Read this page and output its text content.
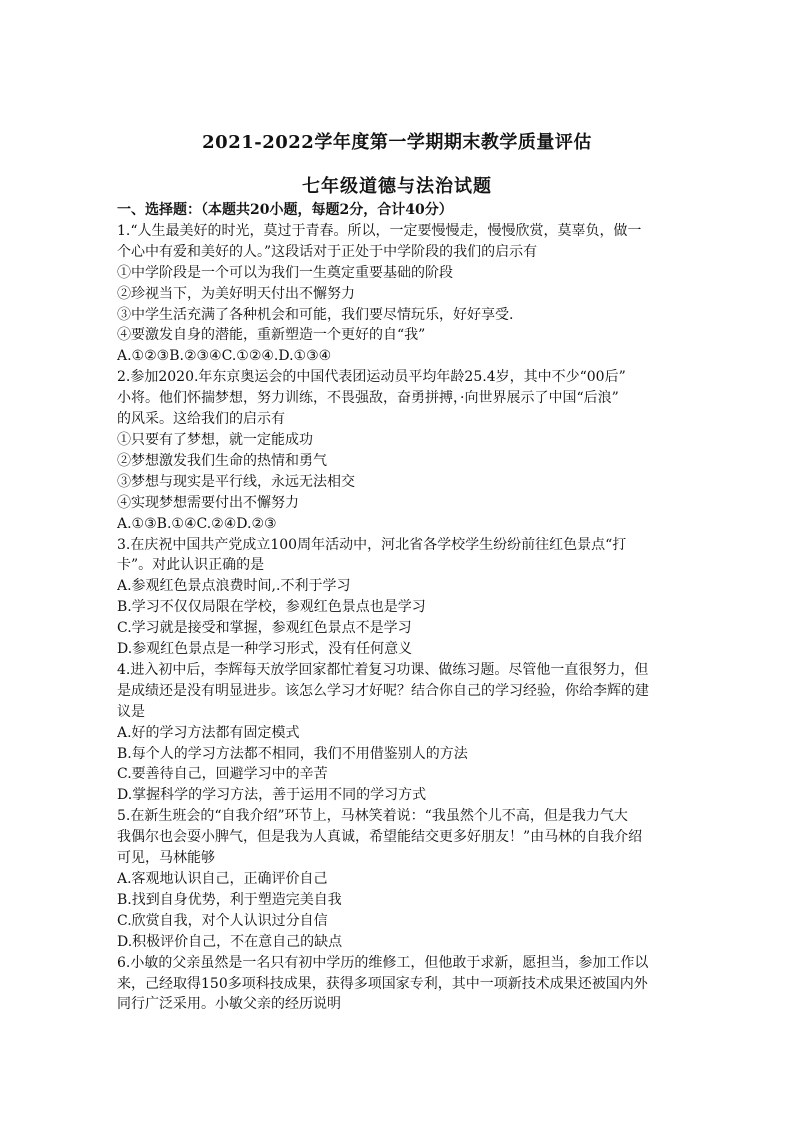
2021-2022学年度第一学期期末教学质量评估
七年级道德与法治试题
一、选择题：（本题共20小题，每题2分，合计40分）
1.“人生最美好的时光，莫过于青春。所以，一定要慢慢走，慢慢欣赏，莫辜负，做一
个心中有爱和美好的人。”这段话对于正处于中学阶段的我们的启示有
①中学阶段是一个可以为我们一生奠定重要基础的阶段
②珍视当下，为美好明天付出不懈努力
③中学生活充满了各种机会和可能，我们要尽情玩乐，好好享受.
④要激发自身的潜能，重新塑造一个更好的自“我”
A.①②③B.②③④C.①②④.D.①③④
2.参加2020.年东京奥运会的中国代表团运动员平均年龄25.4岁，其中不少“00后”
小将。他们怀揣梦想，努力训练，不畏强敌，奋勇拼搏，·向世界展示了中国“后浪”
的风采。这给我们的启示有
①只要有了梦想，就一定能成功
②梦想激发我们生命的热情和勇气
③梦想与现实是平行线，永远无法相交
④实现梦想需要付出不懈努力
A.①③B.①④C.②④D.②③
3.在庆祝中国共产党成立100周年活动中，河北省各学校学生纷纷前往红色景点“打
卡”。对此认识正确的是
A.参观红色景点浪费时间,.不利于学习
B.学习不仅仅局限在学校，参观红色景点也是学习
C.学习就是接受和掌握，参观红色景点不是学习
D.参观红色景点是一种学习形式，没有任何意义
4.进入初中后，李辉每天放学回家都忙着复习功课、做练习题。尽管他一直很努力，但
是成绩还是没有明显进步。该怎么学习才好呢？结合你自己的学习经验，你给李辉的建
议是
A.好的学习方法都有固定模式
B.每个人的学习方法都不相同，我们不用借鉴别人的方法
C.要善待自己，回避学习中的辛苦
D.掌握科学的学习方法，善于运用不同的学习方式
5.在新生班会的“自我介绍”环节上，马林笑着说：“我虽然个儿不高，但是我力气大
我偶尔也会耍小脾气，但是我为人真诚，希望能结交更多好朋友！”由马林的自我介绍
可见，马林能够
A.客观地认识自己，正确评价自己
B.找到自身优势，利于塑造完美自我
C.欣赏自我，对个人认识过分自信
D.积极评价自己，不在意自己的缺点
6.小敏的父亲虽然是一名只有初中学历的维修工，但他敢于求新，愿担当，参加工作以
来，己经取得150多项科技成果，获得多项国家专利，其中一项新技术成果还被国内外
同行广泛采用。小敏父亲的经历说明
